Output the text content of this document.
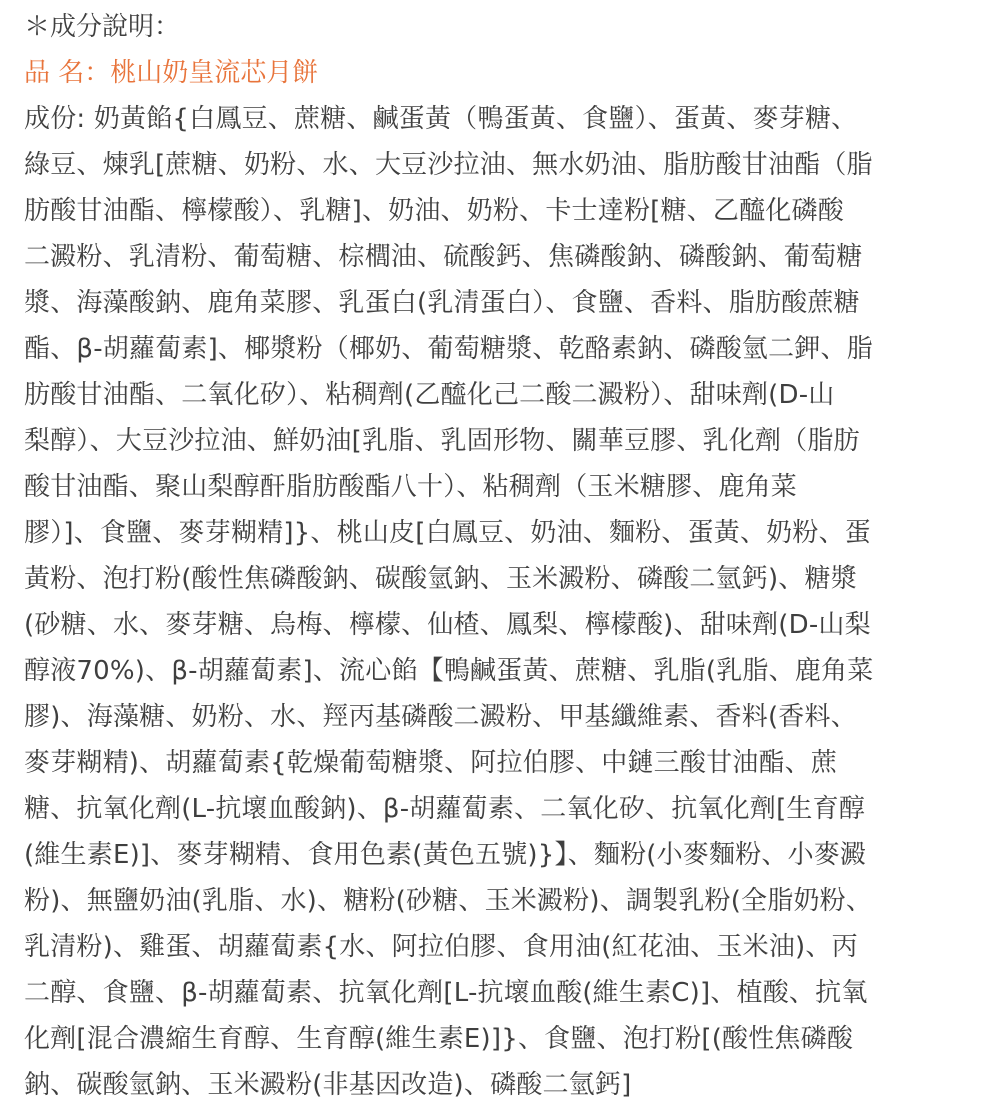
＊成分說明：
品 名：桃山奶皇流芯月餅
成份: 奶黃餡{白鳳豆、蔗糖、鹹蛋黃（鴨蛋黃、食鹽）、蛋黃、麥芽糖、
綠豆、煉乳[蔗糖、奶粉、水、大豆沙拉油、無水奶油、脂肪酸甘油酯（脂
肪酸甘油酯、檸檬酸）、乳糖]、奶油、奶粉、卡士達粉[糖、乙醯化磷酸
二澱粉、乳清粉、葡萄糖、棕櫚油、硫酸鈣、焦磷酸鈉、磷酸鈉、葡萄糖
漿、海藻酸鈉、鹿角菜膠、乳蛋白(乳清蛋白）、食鹽、香料、脂肪酸蔗糖
酯、β-胡蘿蔔素]、椰漿粉（椰奶、葡萄糖漿、乾酪素鈉、磷酸氫二鉀、脂
肪酸甘油酯、二氧化矽）、粘稠劑(乙醯化己二酸二澱粉）、甜味劑(D-山
梨醇）、大豆沙拉油、鮮奶油[乳脂、乳固形物、關華豆膠、乳化劑（脂肪
酸甘油酯、聚山梨醇酐脂肪酸酯八十）、粘稠劑（玉米糖膠、鹿角菜
膠）]、食鹽、麥芽糊精]}、桃山皮[白鳳豆、奶油、麵粉、蛋黃、奶粉、蛋
黃粉、泡打粉(酸性焦磷酸鈉、碳酸氫鈉、玉米澱粉、磷酸二氫鈣)、糖漿
(砂糖、水、麥芽糖、烏梅、檸檬、仙楂、鳳梨、檸檬酸)、甜味劑(D-山梨
醇液70%)、β-胡蘿蔔素]、流心餡【鴨鹹蛋黃、蔗糖、乳脂(乳脂、鹿角菜
膠)、海藻糖、奶粉、水、羥丙基磷酸二澱粉、甲基纖維素、香料(香料、
麥芽糊精)、胡蘿蔔素{乾燥葡萄糖漿、阿拉伯膠、中鏈三酸甘油酯、蔗
糖、抗氧化劑(L-抗壞血酸鈉)、β-胡蘿蔔素、二氧化矽、抗氧化劑[生育醇
(維生素E)]、麥芽糊精、食用色素(黃色五號)}】、麵粉(小麥麵粉、小麥澱
粉)、無鹽奶油(乳脂、水)、糖粉(砂糖、玉米澱粉)、調製乳粉(全脂奶粉、
乳清粉)、雞蛋、胡蘿蔔素{水、阿拉伯膠、食用油(紅花油、玉米油)、丙
二醇、食鹽、β-胡蘿蔔素、抗氧化劑[L-抗壞血酸(維生素C)]、植酸、抗氧
化劑[混合濃縮生育醇、生育醇(維生素E)]}、食鹽、泡打粉[(酸性焦磷酸
鈉、碳酸氫鈉、玉米澱粉(非基因改造)、磷酸二氫鈣]
